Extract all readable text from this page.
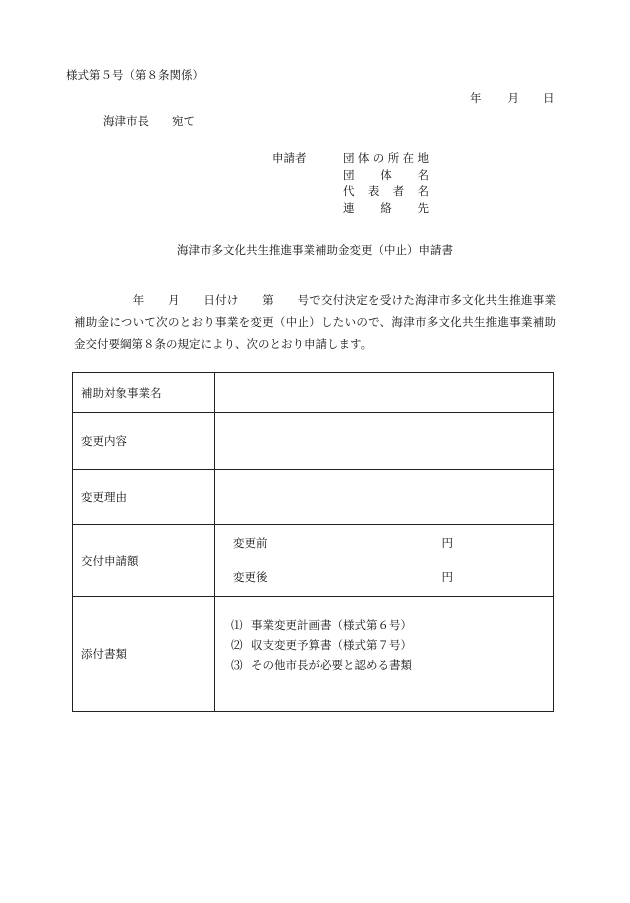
様式第５号（第８条関係）
年 月 日
海津市長　　宛て
申請者	団体の所在地
団体名
代表者名
連絡先
海津市多文化共生推進事業補助金変更（中止）申請書
　　　　　年　　月　　日付け　　第　　号で交付決定を受けた海津市多文化共生推進事業補助金について次のとおり事業を変更（中止）したいので、海津市多文化共生推進事業補助金交付要綱第８条の規定により、次のとおり申請します。
補助対象事業名	
変更内容	
変更理由	
交付申請額	変更前 円
変更後 円

添付書類	⑴ 事業変更計画書（様式第６号）
⑵ 収支変更予算書（様式第７号）
⑶ その他市長が必要と認める書類
